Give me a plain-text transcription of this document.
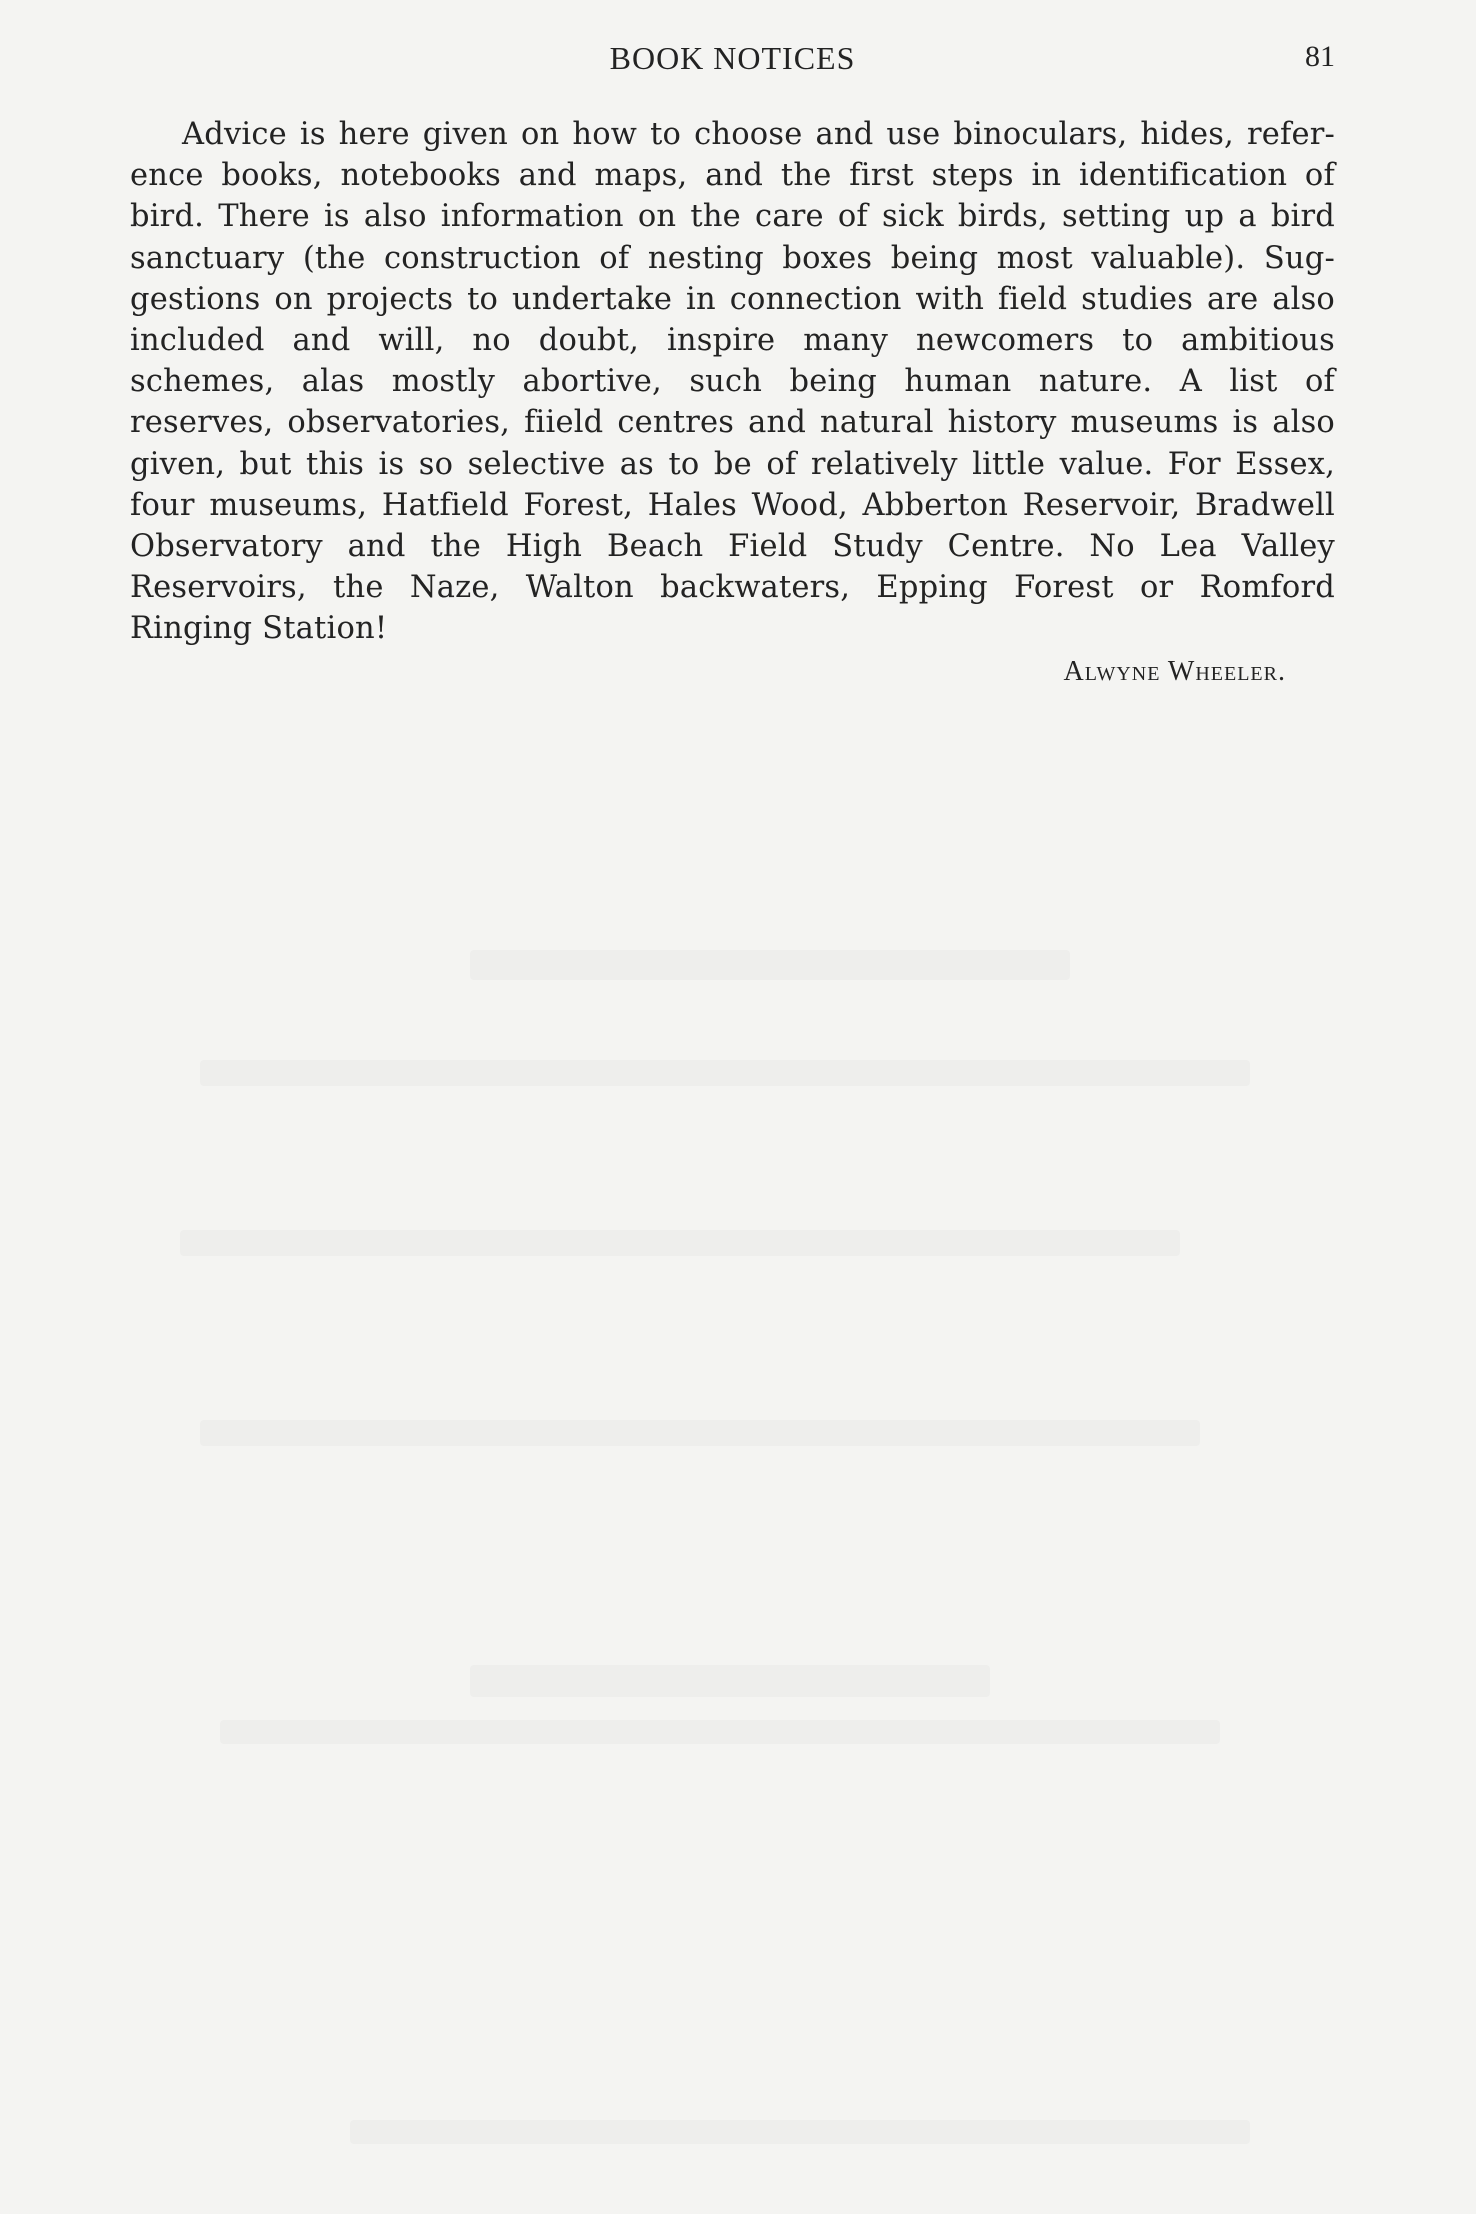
BOOK NOTICES	81
Advice is here given on how to choose and use binoculars, hides, refer-
ence books, notebooks and maps, and the first steps in identification of
bird. There is also information on the care of sick birds, setting up a bird
sanctuary (the construction of nesting boxes being most valuable). Sug-
gestions on projects to undertake in connection with field studies are also
included and will, no doubt, inspire many newcomers to ambitious
schemes, alas mostly abortive, such being human nature. A list of
reserves, observatories, fiield centres and natural history museums is also
given, but this is so selective as to be of relatively little value. For Essex,
four museums, Hatfield Forest, Hales Wood, Abberton Reservoir, Bradwell
Observatory and the High Beach Field Study Centre. No Lea Valley
Reservoirs, the Naze, Walton backwaters, Epping Forest or Romford
Ringing Station!
Alwyne Wheeler.
